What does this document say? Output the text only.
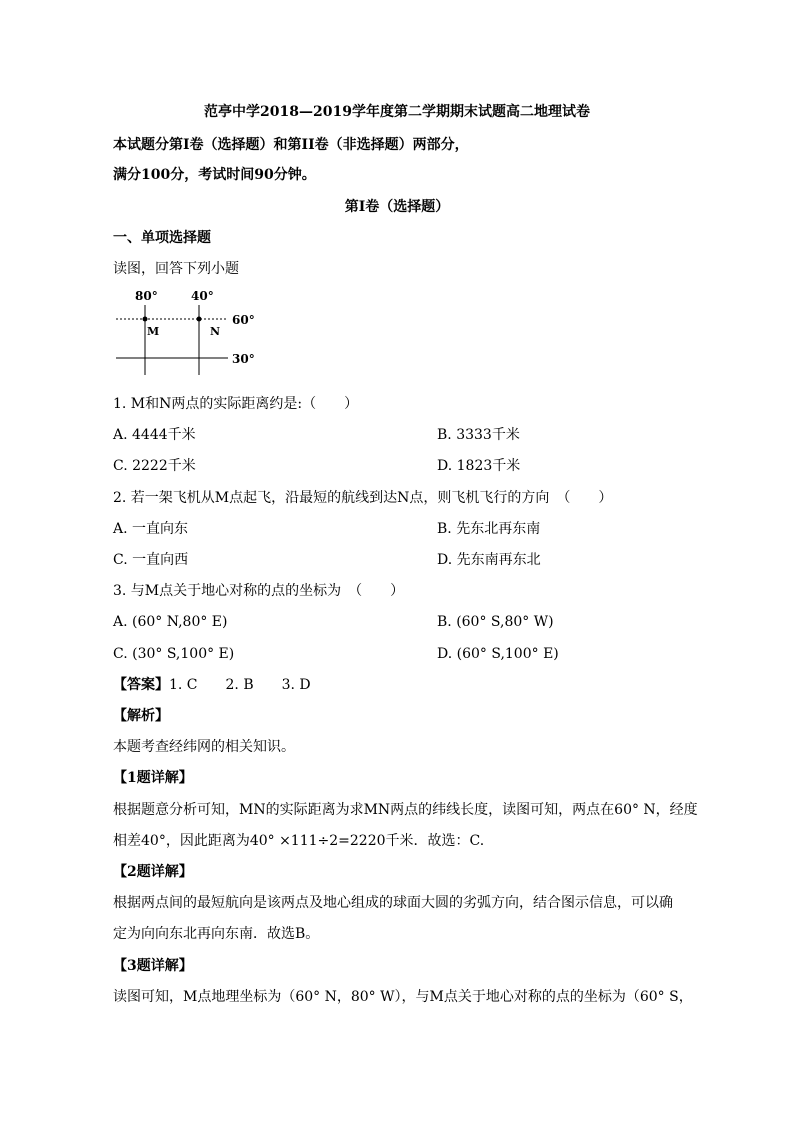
范亭中学2018—2019学年度第二学期期末试题高二地理试卷
本试题分第I卷（选择题）和第II卷（非选择题）两部分，
满分100分，考试时间90分钟。
第I卷（选择题）
一、单项选择题
读图，回答下列小题
80°	40°
60°
30°
M	N
1. M和N两点的实际距离约是:（　　）
A. 4444千米	B. 3333千米
C. 2222千米	D. 1823千米
2. 若一架飞机从M点起飞，沿最短的航线到达N点，则飞机飞行的方向　（　　）
A. 一直向东	B. 先东北再东南
C. 一直向西	D. 先东南再东北
3. 与M点关于地心对称的点的坐标为　（　　）
A. (60° N,80° E)	B. (60° S,80° W)
C. (30° S,100° E)	D. (60° S,100° E)
【答案】1. C　　2. B　　3. D
【解析】
本题考查经纬网的相关知识。
【1题详解】
根据题意分析可知，MN的实际距离为求MN两点的纬线长度，读图可知，两点在60° N，经度
相差40°，因此距离为40° ×111÷2=2220千米．故选：C.
【2题详解】
根据两点间的最短航向是该两点及地心组成的球面大圆的劣弧方向，结合图示信息，可以确
定为向向东北再向东南．故选B。
【3题详解】
读图可知，M点地理坐标为（60° N，80° W），与M点关于地心对称的点的坐标为（60° S，
